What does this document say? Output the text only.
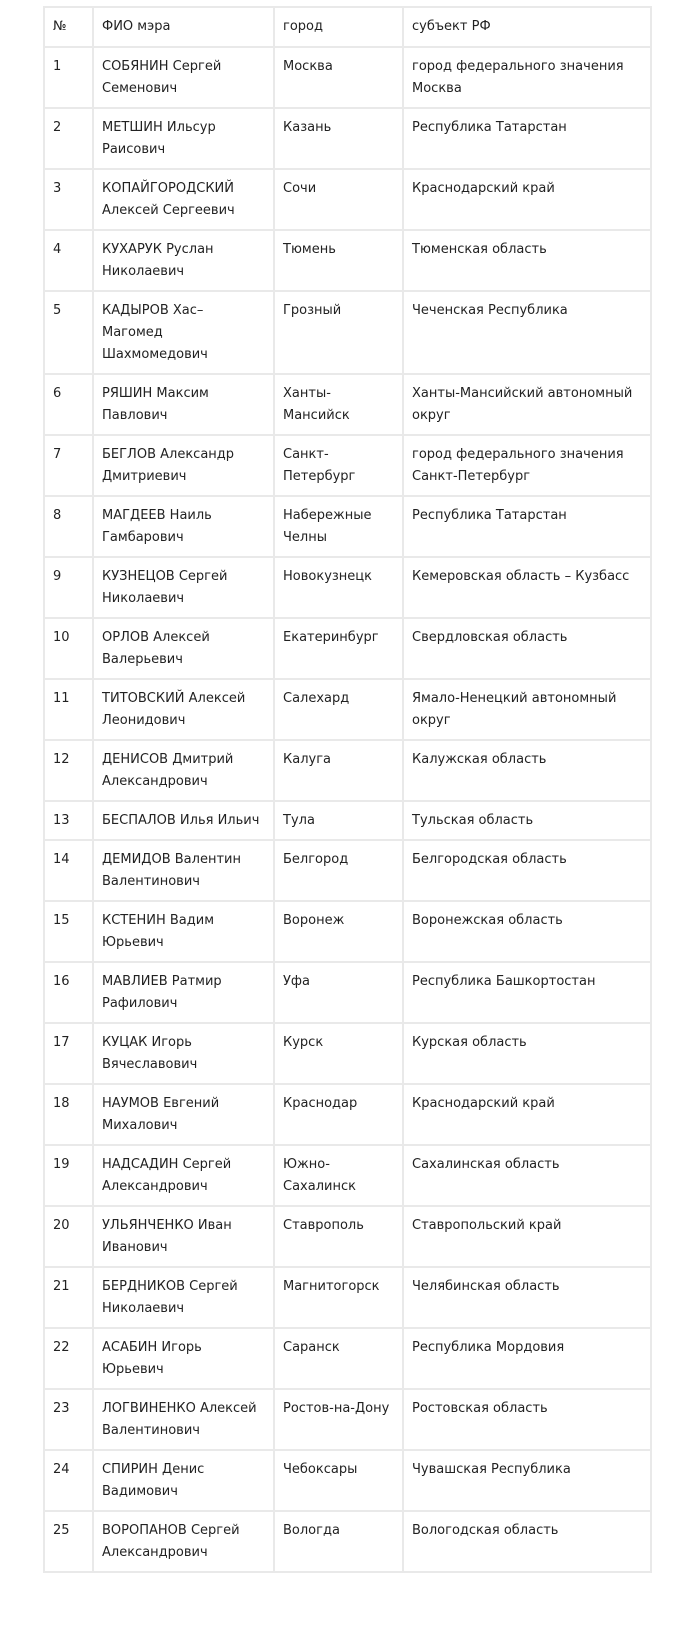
№	ФИО мэра	город	субъект РФ
1	СОБЯНИН Сергей Семенович	Москва	город федерального значения Москва
2	МЕТШИН Ильсур Раисович	Казань	Республика Татарстан
3	КОПАЙГОРОДСКИЙ Алексей Сергеевич	Сочи	Краснодарский край
4	КУХАРУК Руслан Николаевич	Тюмень	Тюменская область
5	КАДЫРОВ Хас–Магомед Шахмомедович	Грозный	Чеченская Республика
6	РЯШИН Максим Павлович	Ханты-Мансийск	Ханты-Мансийский автономный округ
7	БЕГЛОВ Александр Дмитриевич	Санкт-Петербург	город федерального значения Санкт-Петербург
8	МАГДЕЕВ Наиль Гамбарович	Набережные Челны	Республика Татарстан
9	КУЗНЕЦОВ Сергей Николаевич	Новокузнецк	Кемеровская область – Кузбасс
10	ОРЛОВ Алексей Валерьевич	Екатеринбург	Свердловская область
11	ТИТОВСКИЙ Алексей Леонидович	Салехард	Ямало-Ненецкий автономный округ
12	ДЕНИСОВ Дмитрий Александрович	Калуга	Калужская область
13	БЕСПАЛОВ Илья Ильич	Тула	Тульская область
14	ДЕМИДОВ Валентин Валентинович	Белгород	Белгородская область
15	КСТЕНИН Вадим Юрьевич	Воронеж	Воронежская область
16	МАВЛИЕВ Ратмир Рафилович	Уфа	Республика Башкортостан
17	КУЦАК Игорь Вячеславович	Курск	Курская область
18	НАУМОВ Евгений Михалович	Краснодар	Краснодарский край
19	НАДСАДИН Сергей Александрович	Южно-Сахалинск	Сахалинская область
20	УЛЬЯНЧЕНКО Иван Иванович	Ставрополь	Ставропольский край
21	БЕРДНИКОВ Сергей Николаевич	Магнитогорск	Челябинская область
22	АСАБИН Игорь Юрьевич	Саранск	Республика Мордовия
23	ЛОГВИНЕНКО Алексей Валентинович	Ростов-на-Дону	Ростовская область
24	СПИРИН Денис Вадимович	Чебоксары	Чувашская Республика
25	ВОРОПАНОВ Сергей Александрович	Вологда	Вологодская область
